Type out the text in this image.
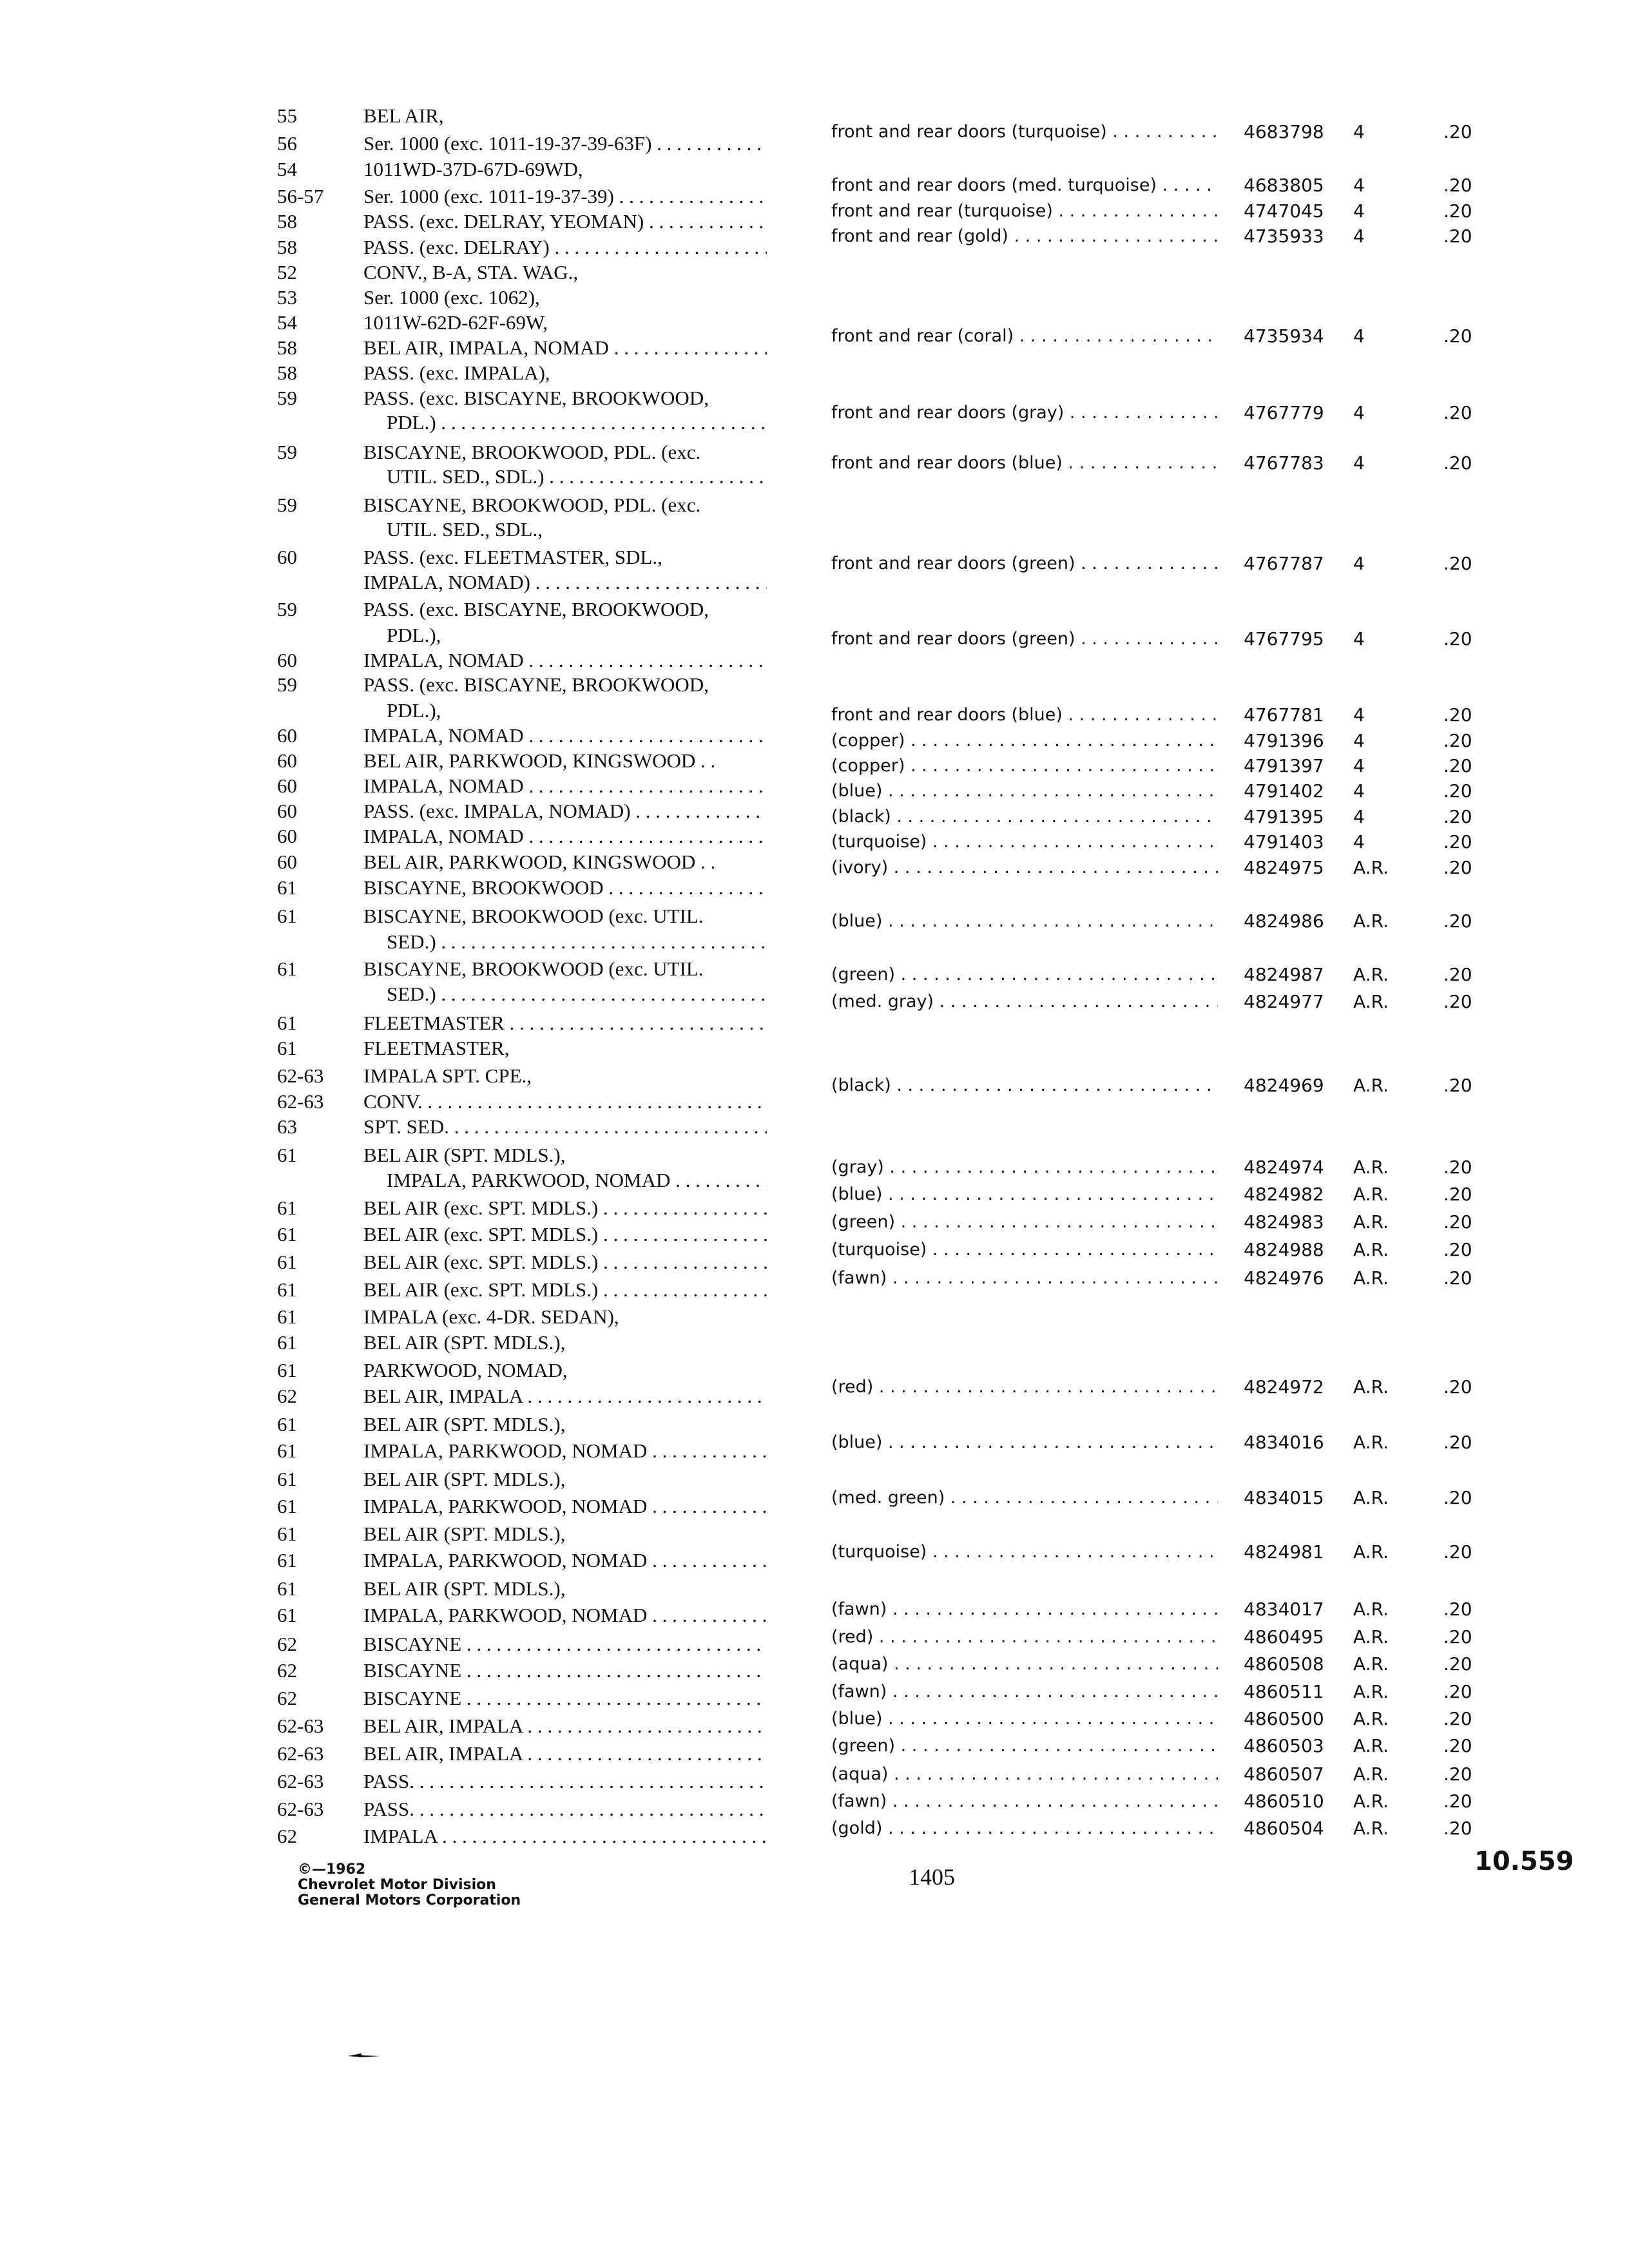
55	BEL AIR,
56	Ser. 1000 (exc. 1011-19-37-39-63F) . . .
54	1011WD-37D-67D-69WD,
56-57 Ser. 1000 (exc. 1011-19-37-39) . . .
58	PASS. (exc. DELRAY, YEOMAN) . . .
58	PASS. (exc. DELRAY) . . .
52	CONV., B-A, STA. WAG.,
53	Ser. 1000 (exc. 1062),
54	1011W-62D-62F-69W,
58	BEL AIR, IMPALA, NOMAD . . .
58	PASS. (exc. IMPALA),
59	PASS. (exc. BISCAYNE, BROOKWOOD,
PDL.) . . .
59	BISCAYNE, BROOKWOOD, PDL. (exc.
UTIL. SED., SDL.) . . .
59	BISCAYNE, BROOKWOOD, PDL. (exc.
UTIL. SED., SDL.,
60	PASS. (exc. FLEETMASTER, SDL.,
IMPALA, NOMAD) . . .
59	PASS. (exc. BISCAYNE, BROOKWOOD,
PDL.),
60	IMPALA, NOMAD . . .
59	PASS. (exc. BISCAYNE, BROOKWOOD,
PDL.),
60	IMPALA, NOMAD . . .
60	BEL AIR, PARKWOOD, KINGSWOOD . .
60	IMPALA, NOMAD . . .
60	PASS. (exc. IMPALA, NOMAD) . . .
60	IMPALA, NOMAD . . .
60	BEL AIR, PARKWOOD, KINGSWOOD . .
61	BISCAYNE, BROOKWOOD . . .
61	BISCAYNE, BROOKWOOD (exc. UTIL.
SED.) . . .
61	BISCAYNE, BROOKWOOD (exc. UTIL.
SED.) . . .
61	FLEETMASTER . . .
61	FLEETMASTER,
62-63 IMPALA SPT. CPE.,
62-63 CONV. . . .
63	SPT. SED. . . .
61	BEL AIR (SPT. MDLS.),
IMPALA, PARKWOOD, NOMAD . . .
61	BEL AIR (exc. SPT. MDLS.) . . .
61	BEL AIR (exc. SPT. MDLS.) . . .
61	BEL AIR (exc. SPT. MDLS.) . . .
61	BEL AIR (exc. SPT. MDLS.) . . .
61	IMPALA (exc. 4-DR. SEDAN),
61	BEL AIR (SPT. MDLS.),
61	PARKWOOD, NOMAD,
62	BEL AIR, IMPALA . . .
61	BEL AIR (SPT. MDLS.),
61	IMPALA, PARKWOOD, NOMAD . . .
61	BEL AIR (SPT. MDLS.),
61	IMPALA, PARKWOOD, NOMAD . . .
61	BEL AIR (SPT. MDLS.),
61	IMPALA, PARKWOOD, NOMAD . . .
61	BEL AIR (SPT. MDLS.),
61	IMPALA, PARKWOOD, NOMAD . . .
62	BISCAYNE . . .
62	BISCAYNE . . .
62	BISCAYNE . . .
62-63 BEL AIR, IMPALA . . .
62-63 BEL AIR, IMPALA . . .
62-63 PASS. . . .
62-63 PASS. . . .
62	IMPALA . . .
front and rear doors (turquoise) . . .	4683798 4	.20
front and rear doors (med. turquoise) . . .	4683805 4	.20
front and rear (turquoise) . . .	4747045 4	.20
front and rear (gold) . . .	4735933 4	.20
front and rear (coral) . . .	4735934 4	.20
front and rear doors (gray) . . .	4767779 4	.20
front and rear doors (blue) . . .	4767783 4	.20
front and rear doors (green) . . .	4767787 4	.20
front and rear doors (green) . . .	4767795 4	.20
front and rear doors (blue) . . .	4767781 4	.20
(copper) . . .	4791396 4	.20
(copper) . . .	4791397 4	.20
(blue) . . .	4791402 4	.20
(black) . . .	4791395 4	.20
(turquoise) . . .	4791403 4	.20
(ivory) . . .	4824975 A.R.	.20
(blue) . . .	4824986 A.R.	.20
(green) . . .	4824987 A.R.	.20
(med. gray) . . .	4824977 A.R.	.20
(black) . . .	4824969 A.R.	.20
(gray) . . .	4824974 A.R.	.20
(blue) . . .	4824982 A.R.	.20
(green) . . .	4824983 A.R.	.20
(turquoise) . . .	4824988 A.R.	.20
(fawn) . . .	4824976 A.R.	.20
(red) . . .	4824972 A.R.	.20
(blue) . . .	4834016 A.R.	.20
(med. green) . . .	4834015 A.R.	.20
(turquoise) . . .	4824981 A.R.	.20
(fawn) . . .	4834017 A.R.	.20
(red) . . .	4860495 A.R.	.20
(aqua) . . .	4860508 A.R.	.20
(fawn) . . .	4860511 A.R.	.20
(blue) . . .	4860500 A.R.	.20
(green) . . .	4860503 A.R.	.20
(aqua) . . .	4860507 A.R.	.20
(fawn) . . .	4860510 A.R.	.20
(gold) . . .	4860504 A.R.	.20
©—1962
Chevrolet Motor Division
General Motors Corporation
1405
10.559
